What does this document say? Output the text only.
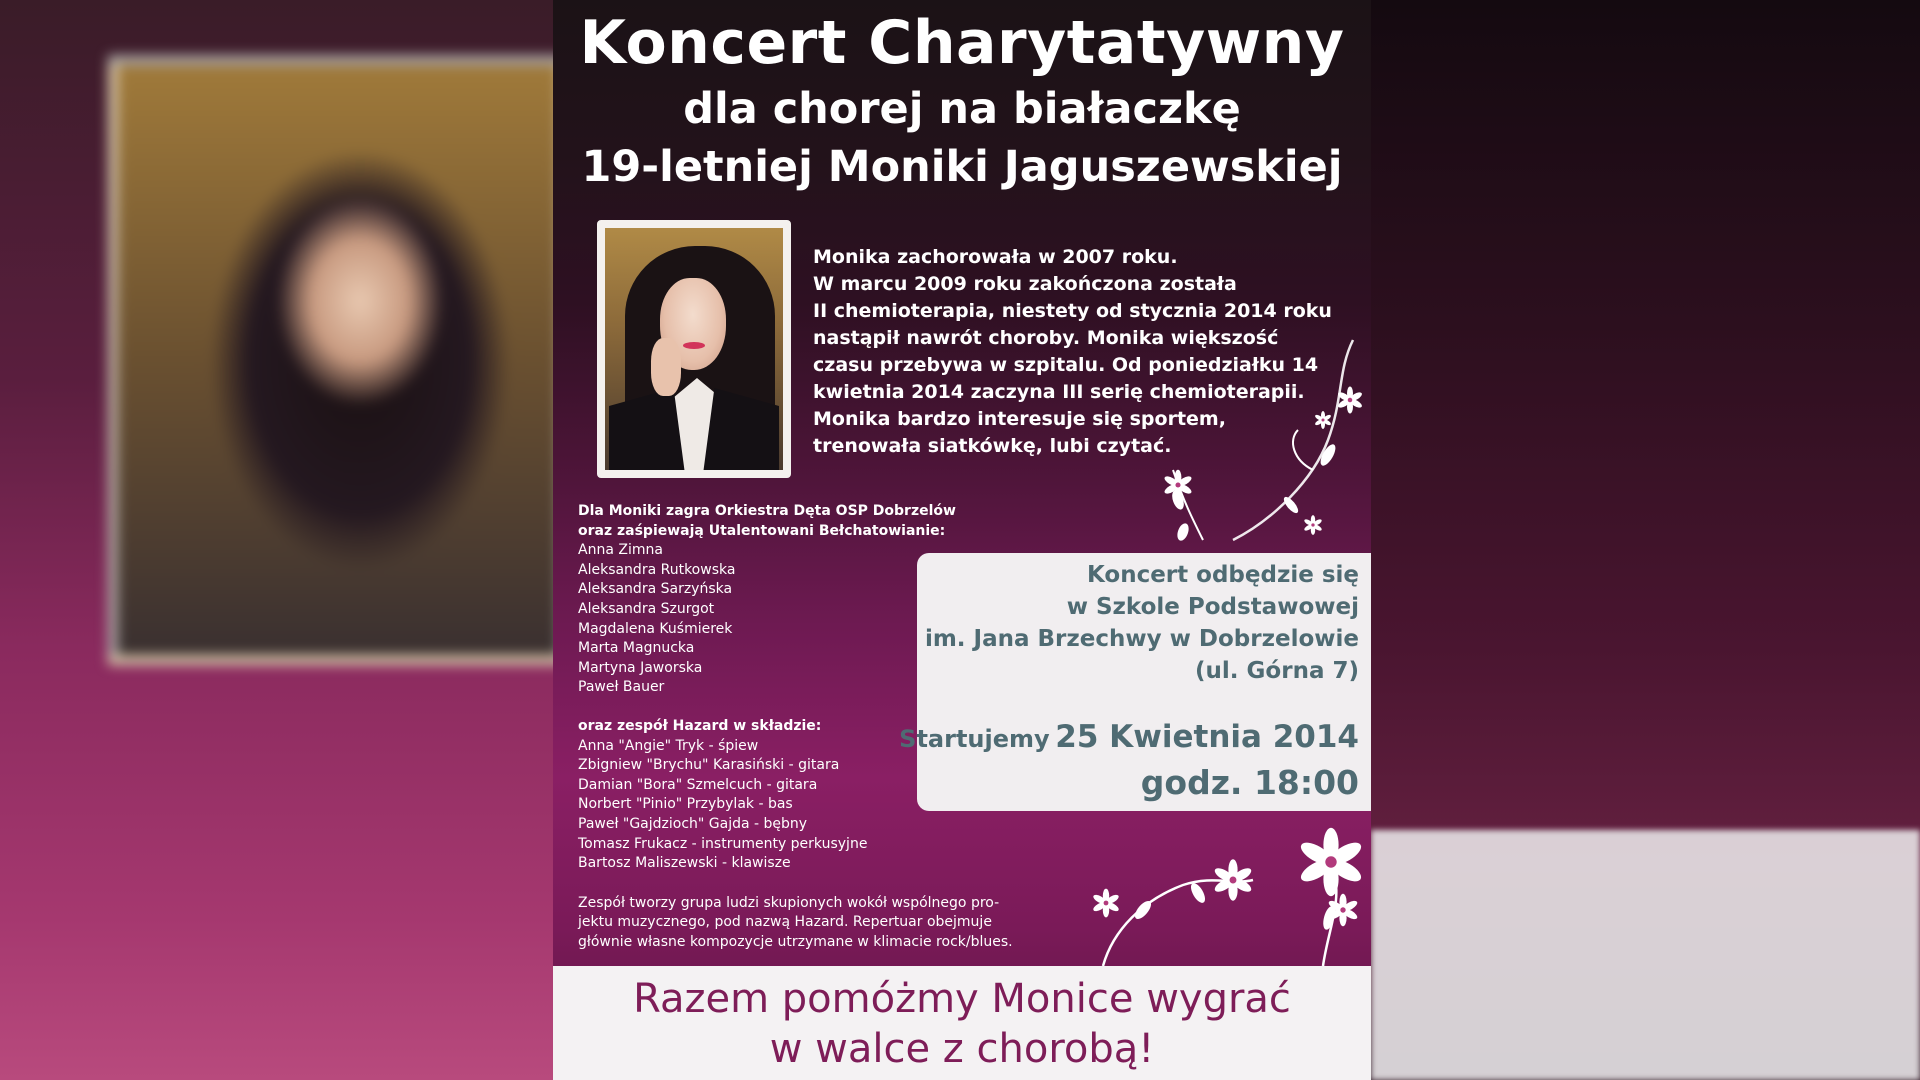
Koncert Charytatywny
dla chorej na białaczkę
19-letniej Moniki Jaguszewskiej
Monika zachorowała w 2007 roku.
W marcu 2009 roku zakończona została
II chemioterapia, niestety od stycznia 2014 roku
nastąpił nawrót choroby. Monika większość
czasu przebywa w szpitalu. Od poniedziałku 14
kwietnia 2014 zaczyna III serię chemioterapii.
Monika bardzo interesuje się sportem,
trenowała siatkówkę, lubi czytać.
Dla Moniki zagra Orkiestra Dęta OSP Dobrzelów
oraz zaśpiewają Utalentowani Bełchatowianie:
Anna Zimna
Aleksandra Rutkowska
Aleksandra Sarzyńska
Aleksandra Szurgot
Magdalena Kuśmierek
Marta Magnucka
Martyna Jaworska
Paweł Bauer
oraz zespół Hazard w składzie:
Anna "Angie" Tryk - śpiew
Zbigniew "Brychu" Karasiński - gitara
Damian "Bora" Szmelcuch - gitara
Norbert "Pinio" Przybylak - bas
Paweł "Gajdzioch" Gajda - bębny
Tomasz Frukacz - instrumenty perkusyjne
Bartosz Maliszewski - klawisze
Zespół tworzy grupa ludzi skupionych wokół wspólnego pro-
jektu muzycznego, pod nazwą Hazard. Repertuar obejmuje
głównie własne kompozycje utrzymane w klimacie rock/blues.
Koncert odbędzie się
w Szkole Podstawowej
im. Jana Brzechwy w Dobrzelowie
(ul. Górna 7)
Startujemy 25 Kwietnia 2014
godz. 18:00
Razem pomóżmy Monice wygrać
w walce z chorobą!
